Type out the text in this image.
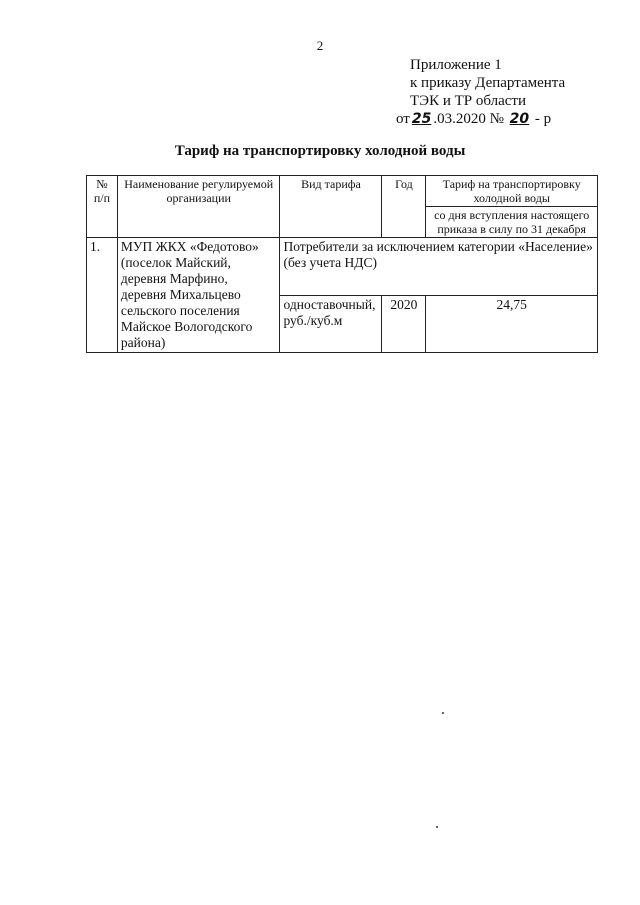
2
Приложение 1
к приказу Департамента
ТЭК и ТР области
от 25 .03.2020 № 20 - р
Тариф на транспортировку холодной воды
№ п/п	Наименование регулируемой организации	Вид тарифа	Год	Тариф на транспортировку холодной воды
				со дня вступления настоящего приказа в силу по 31 декабря
1.	МУП ЖКХ «Федотово» (поселок Майский, деревня Марфино, деревня Михальцево сельского поселения Майское Вологодского района)	Потребители за исключением категории «Население» (без учета НДС)		
		одноставочный, руб./куб.м	2020	24,75
